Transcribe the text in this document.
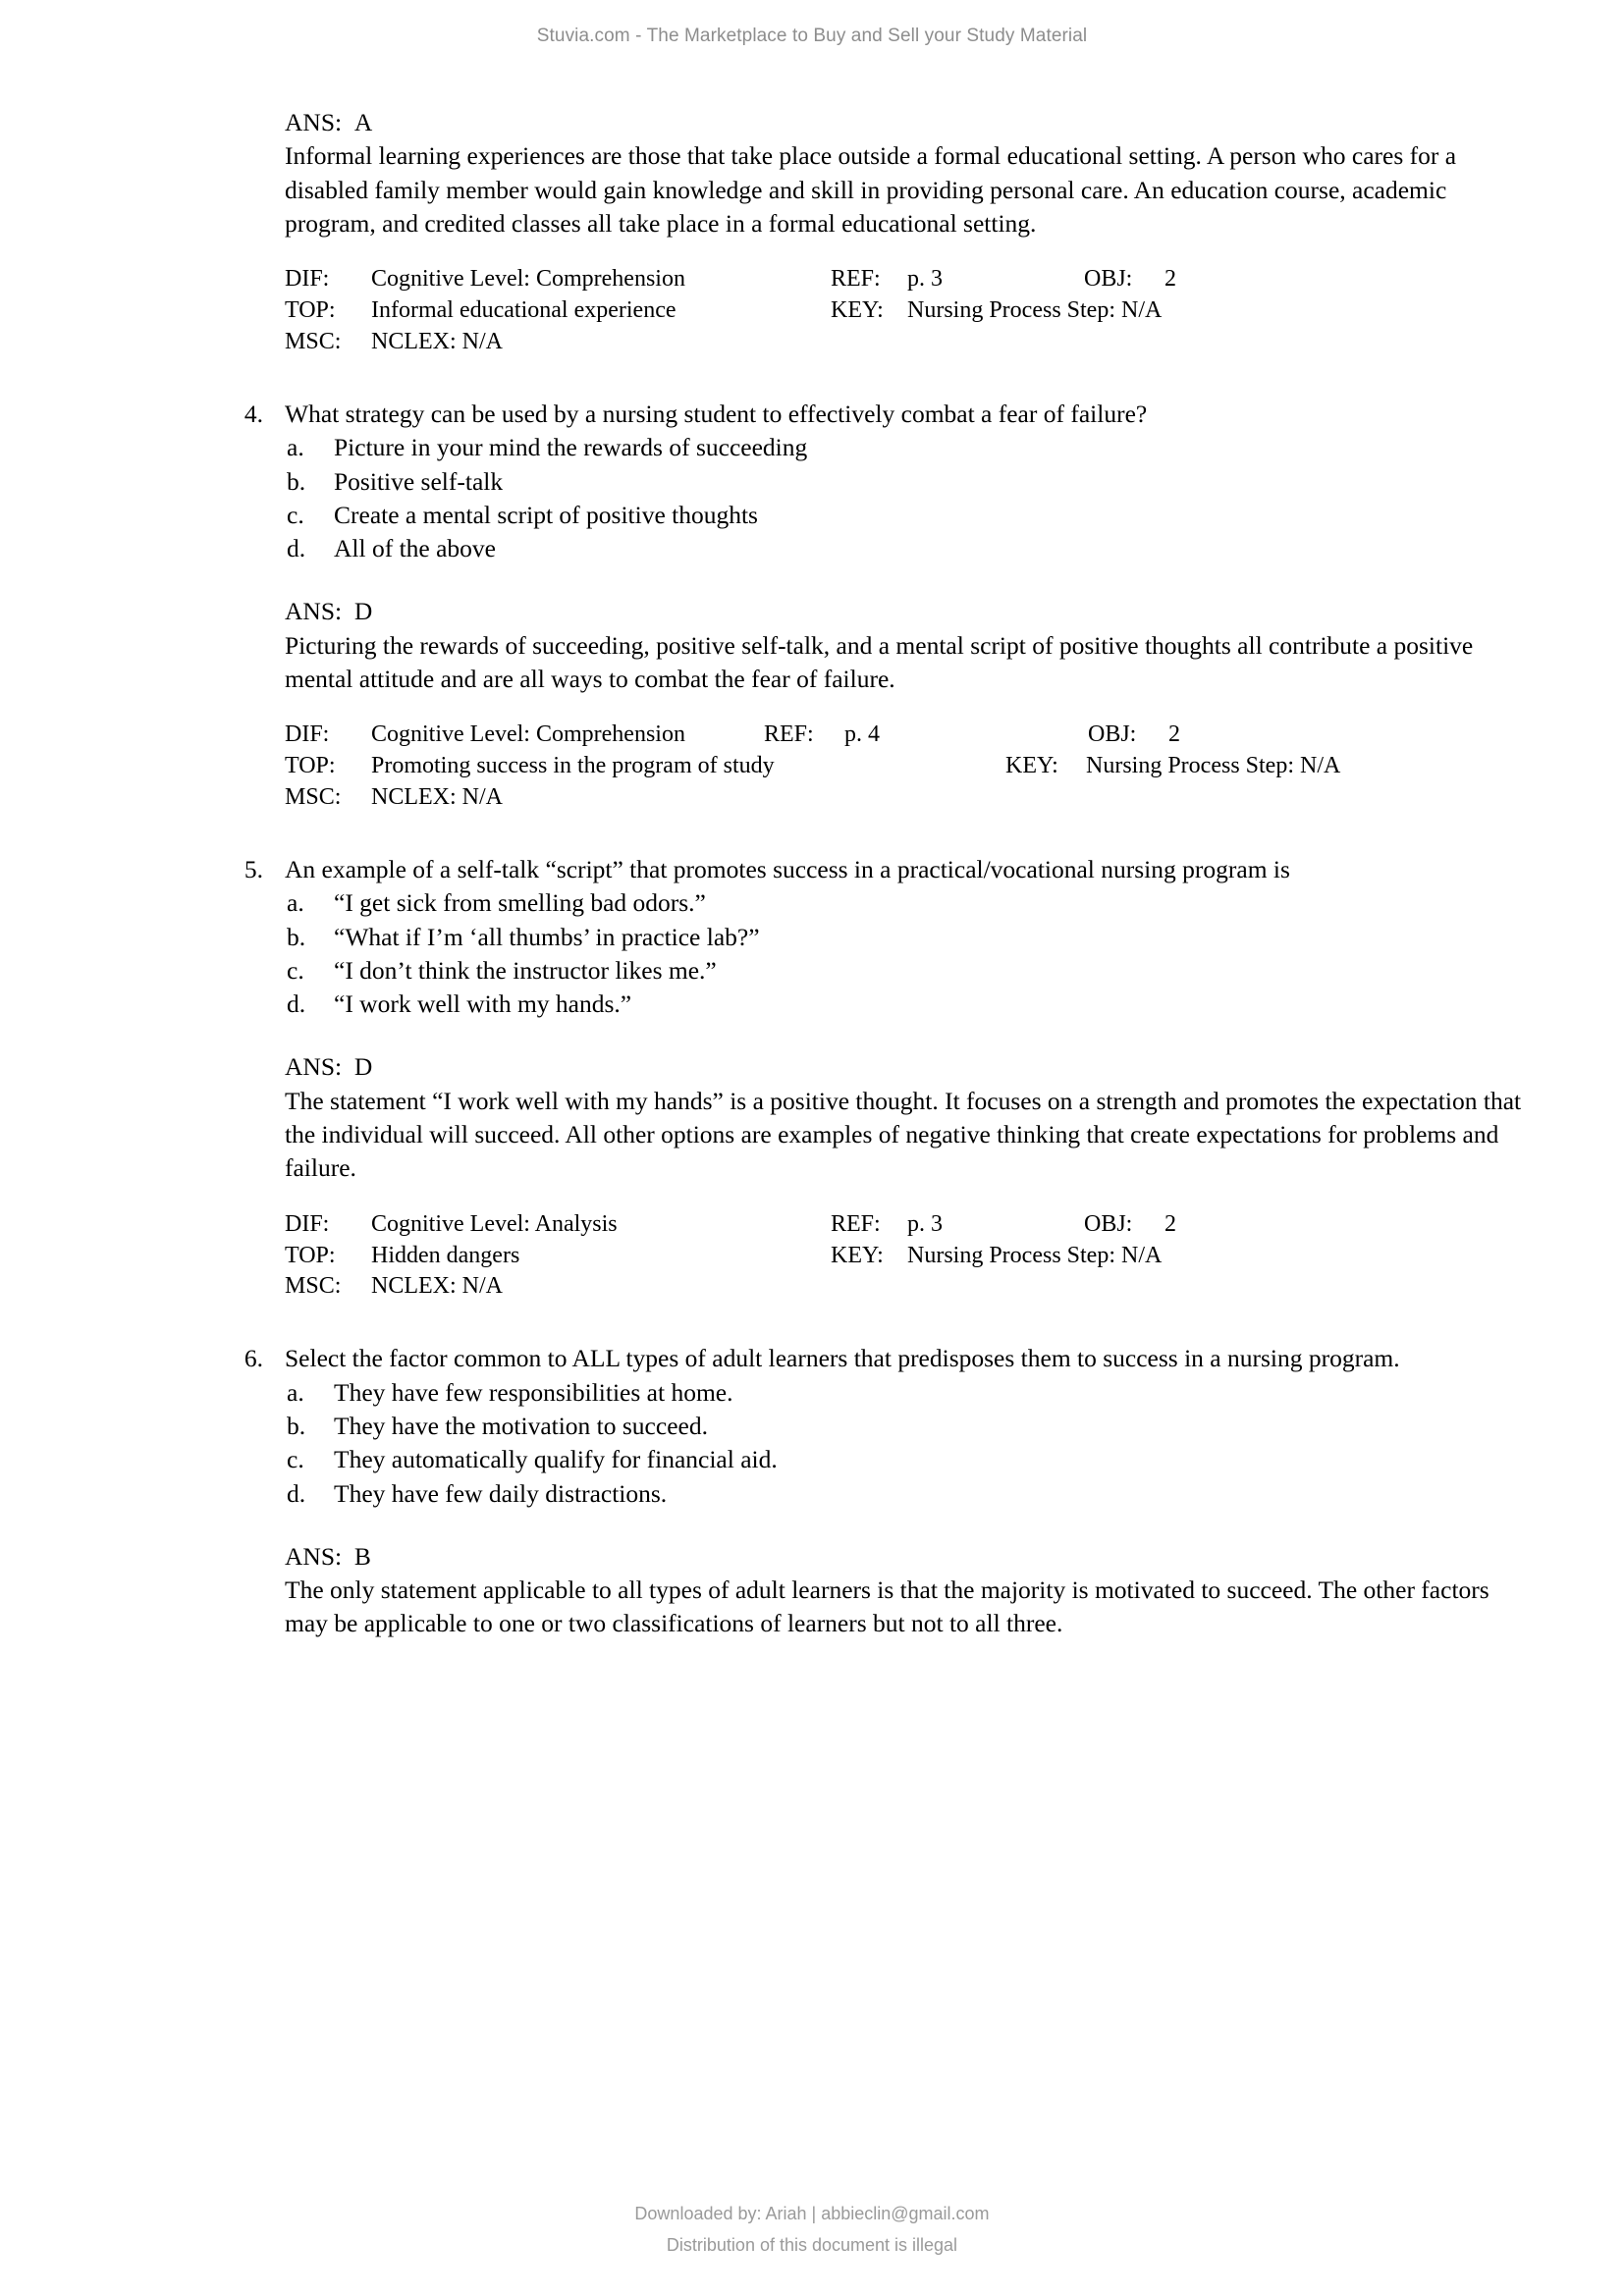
Stuvia.com - The Marketplace to Buy and Sell your Study Material
ANS: A
Informal learning experiences are those that take place outside a formal educational setting. A person who cares for a disabled family member would gain knowledge and skill in providing personal care. An education course, academic program, and credited classes all take place in a formal educational setting.
DIF:	Cognitive Level: Comprehension	REF:	p. 3	OBJ:	2
TOP:	Informal educational experience	KEY:	Nursing Process Step: N/A
MSC:	NCLEX: N/A
4. What strategy can be used by a nursing student to effectively combat a fear of failure?
a.	Picture in your mind the rewards of succeeding
b.	Positive self-talk
c.	Create a mental script of positive thoughts
d.	All of the above
ANS: D
Picturing the rewards of succeeding, positive self-talk, and a mental script of positive thoughts all contribute a positive mental attitude and are all ways to combat the fear of failure.
DIF:	Cognitive Level: Comprehension	REF:	p. 4	OBJ:	2
TOP:	Promoting success in the program of study	KEY:	Nursing Process Step: N/A
MSC:	NCLEX: N/A
5. An example of a self-talk “script” that promotes success in a practical/vocational nursing program is
a.	“I get sick from smelling bad odors.”
b.	“What if I’m ‘all thumbs’ in practice lab?”
c.	“I don’t think the instructor likes me.”
d.	“I work well with my hands.”
ANS: D
The statement “I work well with my hands” is a positive thought. It focuses on a strength and promotes the expectation that the individual will succeed. All other options are examples of negative thinking that create expectations for problems and failure.
DIF:	Cognitive Level: Analysis	REF:	p. 3	OBJ:	2
TOP:	Hidden dangers	KEY:	Nursing Process Step: N/A
MSC:	NCLEX: N/A
6. Select the factor common to ALL types of adult learners that predisposes them to success in a nursing program.
a.	They have few responsibilities at home.
b.	They have the motivation to succeed.
c.	They automatically qualify for financial aid.
d.	They have few daily distractions.
ANS: B
The only statement applicable to all types of adult learners is that the majority is motivated to succeed. The other factors may be applicable to one or two classifications of learners but not to all three.
Downloaded by: Ariah | abbieclin@gmail.com
Distribution of this document is illegal
